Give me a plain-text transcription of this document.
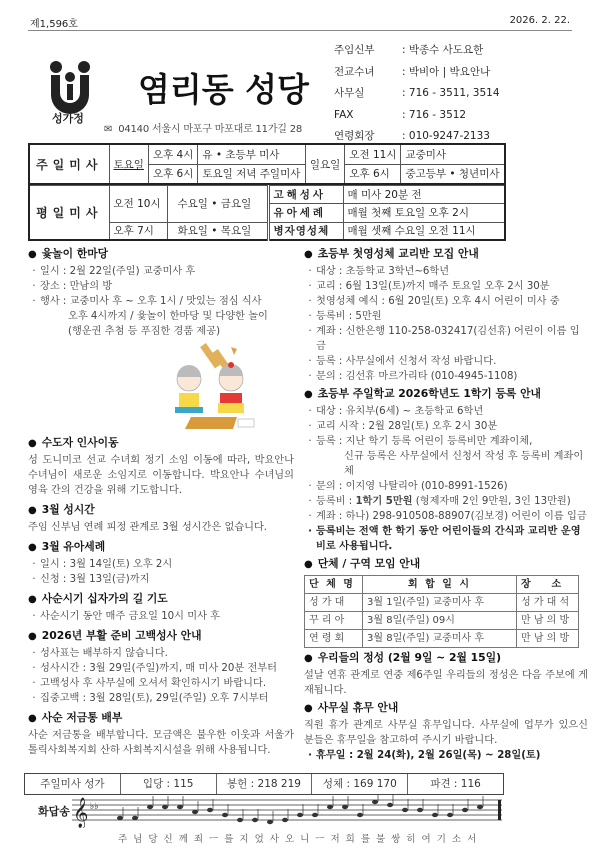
제1,596호	2026. 2. 22.
성가정
염리동 성당
✉ 04140 서울시 마포구 마포대로 11가길 28
주임신부	: 박종수 사도요한
전교수녀	: 박비아 | 박요안나
사무실	: 716 - 3511, 3514
FAX	: 716 - 3512
연령회장	: 010-9247-2133
주일미사	토요일	오후 4시	유 • 초등부 미사	일요일	오전 11시	교중미사
		오후 6시	토요일 저녁 주일미사		오후 6시	중고등부 • 청년미사
평일미사	오전 10시	수요일 • 금요일	고해성사	매 미사 20분 전
			유아세례	매월 첫째 토요일 오후 2시
	오후 7시	화요일 • 목요일	병자영성체	매월 셋째 수요일 오전 11시
● 윷놀이 한마당
· 일시 : 2월 22일(주일) 교중미사 후
· 장소 : 만남의 방
· 행사 : 교중미사 후 ~ 오후 1시 / 맛있는 점심 식사
오후 4시까지 / 윷놀이 한마당 및 다양한 놀이
(행운권 추첨 등 푸짐한 경품 제공)
● 수도자 인사이동
성 도니미코 선교 수녀회 정기 소임 이동에 따라, 박요안나 수녀님이 새로운 소임지로 이동합니다. 박요안나 수녀님의 영육 간의 건강을 위해 기도합니다.
● 3월 성시간
주임 신부님 연례 피정 관계로 3월 성시간은 없습니다.
● 3월 유아세례
· 일시 : 3월 14일(토) 오후 2시
· 신청 : 3월 13일(금)까지
● 사순시기 십자가의 길 기도
· 사순시기 동안 매주 금요일 10시 미사 후
● 2026년 부활 준비 고백성사 안내
· 성사표는 배부하지 않습니다.
· 성사시간 : 3월 29일(주일)까지, 매 미사 20분 전부터
· 고백성사 후 사무실에 오셔서 확인하시기 바랍니다.
· 집중고백 : 3월 28일(토), 29일(주일) 오후 7시부터
● 사순 저금통 배부
사순 저금통을 배부합니다. 모금액은 불우한 이웃과 서울가톨릭사회복지회 산하 사회복지시설을 위해 사용됩니다.
● 초등부 첫영성체 교리반 모집 안내
· 대상 : 초등학교 3학년~6학년
· 교리 : 6월 13일(토)까지 매주 토요일 오후 2시 30분
· 첫영성체 예식 : 6월 20일(토) 오후 4시 어린이 미사 중
· 등록비 : 5만원
· 계좌 : 신한은행 110-258-032417(김선휴) 어린이 이름 입금
· 등록 : 사무실에서 신청서 작성 바랍니다.
· 문의 : 김선휴 마르가리타 (010-4945-1108)
● 초등부 주일학교 2026학년도 1학기 등록 안내
· 대상 : 유치부(6세) ~ 초등학교 6학년
· 교리 시작 : 2월 28일(토) 오후 2시 30분
· 등록 : 지난 학기 등록 어린이 등록비만 계좌이체,
신규 등록은 사무실에서 신청서 작성 후 등록비 계좌이체
· 문의 : 이지영 나탈리아 (010-8991-1526)
· 등록비 : 1학기 5만원 (형제자매 2인 9만원, 3인 13만원)
· 계좌 : 하나) 298-910508-88907(김보경) 어린이 이름 입금
· 등록비는 전액 한 학기 동안 어린이들의 간식과 교리반 운영비로 사용됩니다.
● 단체 / 구역 모임 안내
단 체 명	회 합 일 시	장      소
성 가 대	3월 1일(주일) 교중미사 후	성 가 대 석
꾸 리 아	3월 8일(주일) 09시	만 남 의 방
연 령 회	3월 8일(주일) 교중미사 후	만 남 의 방
● 우리들의 정성 (2월 9일 ~ 2월 15일)
설날 연휴 관계로 연중 제6주일 우리들의 정성은 다음 주보에 게재됩니다.
● 사무실 휴무 안내
직원 휴가 관계로 사무실 휴무입니다. 사무실에 업무가 있으신 분들은 휴무일을 참고하여 주시기 바랍니다.
· 휴무일 : 2월 24(화), 2월 26일(목) ~ 28일(토)
주일미사 성가	입당 : 115	봉헌 : 218 219	성체 : 169 170	파견 : 116
화답송 𝄞 ♭♭
주님당신께죄ㅡ를지었사오니ㅡ저희를불쌍히여기소서
